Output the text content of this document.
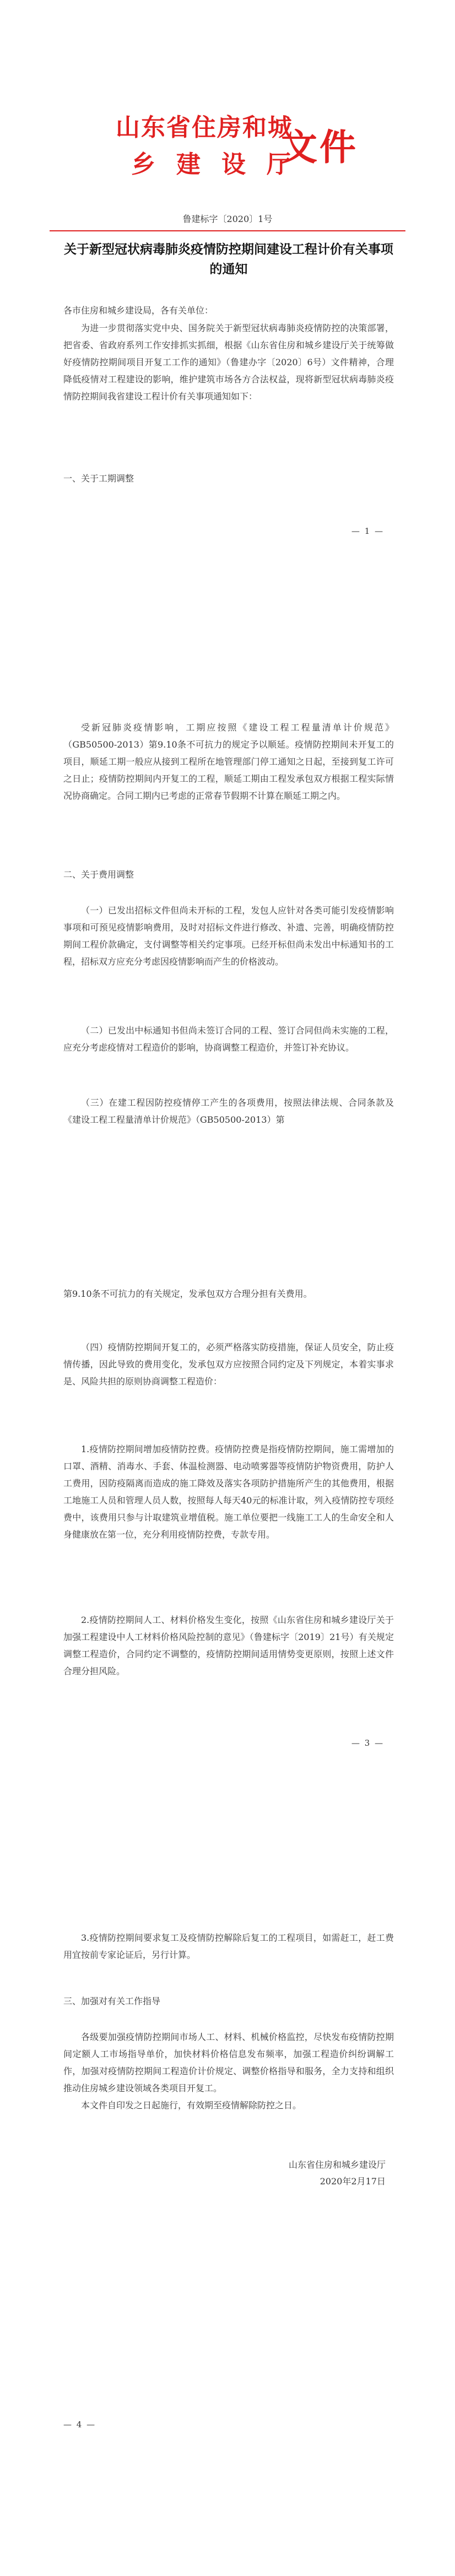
山东省住房和城
乡建设厅
文件
鲁建标字〔2020〕1号
关于新型冠状病毒肺炎疫情防控期间建设工程计价有关事项的通知
各市住房和城乡建设局，各有关单位：
为进一步贯彻落实党中央、国务院关于新型冠状病毒肺炎疫情防控的决策部署，把省委、省政府系列工作安排抓实抓细，根据《山东省住房和城乡建设厅关于统筹做好疫情防控期间项目开复工工作的通知》（鲁建办字〔2020〕6号）文件精神，合理降低疫情对工程建设的影响，维护建筑市场各方合法权益，现将新型冠状病毒肺炎疫情防控期间我省建设工程计价有关事项通知如下：
一、关于工期调整
— 1 —
受新冠肺炎疫情影响，工期应按照《建设工程工程量清单计价规范》（GB50500-2013）第9.10条不可抗力的规定予以顺延。疫情防控期间未开复工的项目，顺延工期一般应从接到工程所在地管理部门停工通知之日起，至接到复工许可之日止；疫情防控期间内开复工的工程，顺延工期由工程发承包双方根据工程实际情况协商确定。合同工期内已考虑的正常春节假期不计算在顺延工期之内。
二、关于费用调整
（一）已发出招标文件但尚未开标的工程，发包人应针对各类可能引发疫情影响事项和可预见疫情影响费用，及时对招标文件进行修改、补遗、完善，明确疫情防控期间工程价款确定，支付调整等相关约定事项。已经开标但尚未发出中标通知书的工程，招标双方应充分考虑因疫情影响而产生的价格波动。
（二）已发出中标通知书但尚未签订合同的工程、签订合同但尚未实施的工程，应充分考虑疫情对工程造价的影响，协商调整工程造价，并签订补充协议。
（三）在建工程因防控疫情停工产生的各项费用，按照法律法规、合同条款及《建设工程工程量清单计价规范》（GB50500-2013）第
第9.10条不可抗力的有关规定，发承包双方合理分担有关费用。
（四）疫情防控期间开复工的，必须严格落实防疫措施，保证人员安全，防止疫情传播，因此导致的费用变化，发承包双方应按照合同约定及下列规定，本着实事求是、风险共担的原则协商调整工程造价：
1.疫情防控期间增加疫情防控费。疫情防控费是指疫情防控期间，施工需增加的口罩、酒精、消毒水、手套、体温检测器、电动喷雾器等疫情防护物资费用，防护人工费用，因防疫隔离而造成的施工降效及落实各项防护措施所产生的其他费用，根据工地施工人员和管理人员人数，按照每人每天40元的标准计取，列入疫情防控专项经费中，该费用只参与计取建筑业增值税。施工单位要把一线施工工人的生命安全和人身健康放在第一位，充分利用疫情防控费，专款专用。
2.疫情防控期间人工、材料价格发生变化，按照《山东省住房和城乡建设厅关于加强工程建设中人工材料价格风险控制的意见》（鲁建标字〔2019〕21号）有关规定调整工程造价，合同约定不调整的，疫情防控期间适用情势变更原则，按照上述文件合理分担风险。
— 3 —
3.疫情防控期间要求复工及疫情防控解除后复工的工程项目，如需赶工，赶工费用宜按前专家论证后，另行计算。
三、加强对有关工作指导
各级要加强疫情防控期间市场人工、材料、机械价格监控，尽快发布疫情防控期间定额人工市场指导单价，加快材料价格信息发布频率，加强工程造价纠纷调解工作，加强对疫情防控期间工程造价计价规定、调整价格指导和服务，全力支持和组织推动住房城乡建设领域各类项目开复工。
本文件自印发之日起施行，有效期至疫情解除防控之日。
山东省住房和城乡建设厅
2020年2月17日
— 4 —
